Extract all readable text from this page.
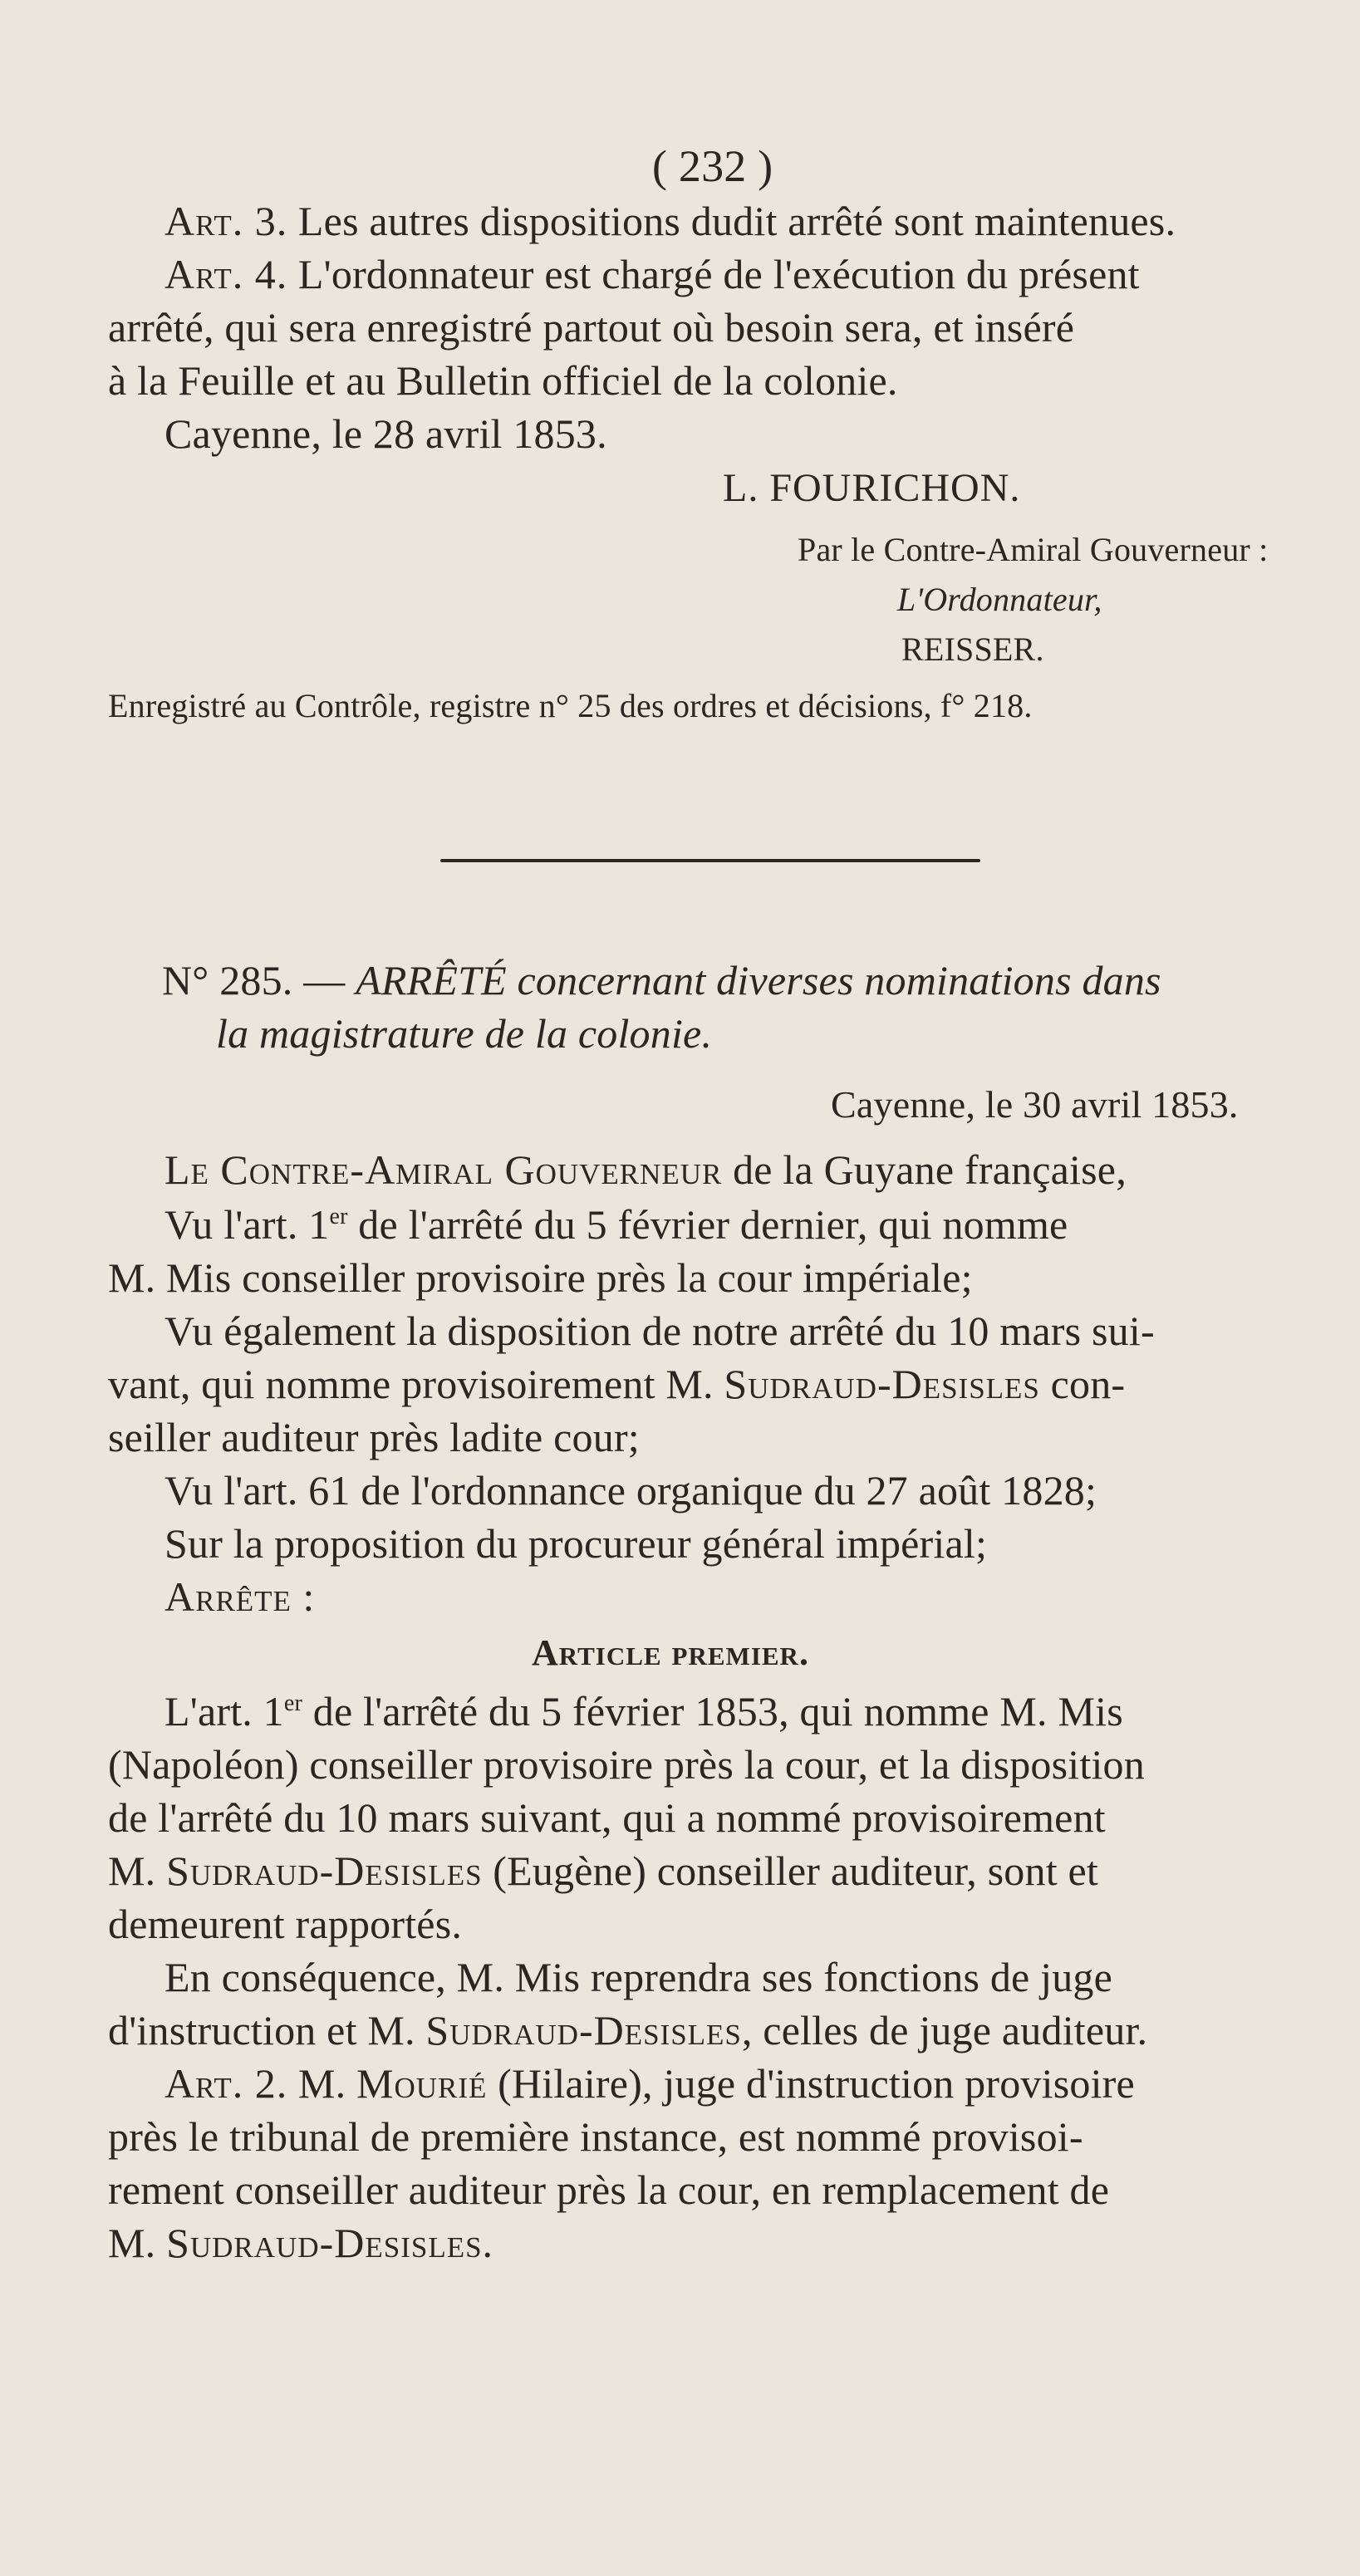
( 232 )
Art. 3. Les autres dispositions dudit arrêté sont maintenues.
Art. 4. L'ordonnateur est chargé de l'exécution du présent
arrêté, qui sera enregistré partout où besoin sera, et inséré
à la Feuille et au Bulletin officiel de la colonie.
Cayenne, le 28 avril 1853.
L. FOURICHON.
Par le Contre-Amiral Gouverneur :
L'Ordonnateur,
REISSER.
Enregistré au Contrôle, registre n° 25 des ordres et décisions, f° 218.
N° 285. — ARRÊTÉ concernant diverses nominations dans
la magistrature de la colonie.
Cayenne, le 30 avril 1853.
Le Contre-Amiral Gouverneur de la Guyane française,
Vu l'art. 1er de l'arrêté du 5 février dernier, qui nomme
M. Mis conseiller provisoire près la cour impériale;
Vu également la disposition de notre arrêté du 10 mars sui-
vant, qui nomme provisoirement M. Sudraud-Desisles con-
seiller auditeur près ladite cour;
Vu l'art. 61 de l'ordonnance organique du 27 août 1828;
Sur la proposition du procureur général impérial;
Arrête :
Article premier.
L'art. 1er de l'arrêté du 5 février 1853, qui nomme M. Mis
(Napoléon) conseiller provisoire près la cour, et la disposition
de l'arrêté du 10 mars suivant, qui a nommé provisoirement
M. Sudraud-Desisles (Eugène) conseiller auditeur, sont et
demeurent rapportés.
En conséquence, M. Mis reprendra ses fonctions de juge
d'instruction et M. Sudraud-Desisles, celles de juge auditeur.
Art. 2. M. Mourié (Hilaire), juge d'instruction provisoire
près le tribunal de première instance, est nommé provisoi-
rement conseiller auditeur près la cour, en remplacement de
M. Sudraud-Desisles.
